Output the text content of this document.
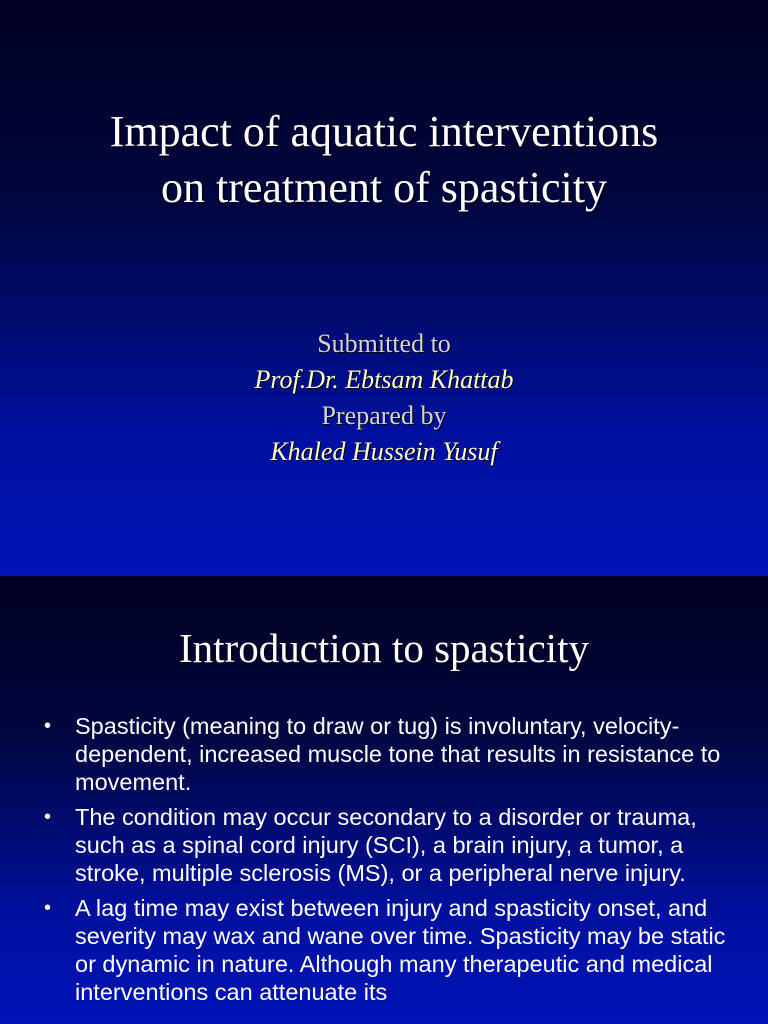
Impact of aquatic interventions
on treatment of spasticity
Submitted to
Prof.Dr. Ebtsam Khattab
Prepared by
Khaled Hussein Yusuf
Introduction to spasticity
• Spasticity (meaning to draw or tug) is involuntary, velocity-dependent, increased muscle tone that results in resistance to movement.
• The condition may occur secondary to a disorder or trauma, such as a spinal cord injury (SCI), a brain injury, a tumor, a stroke, multiple sclerosis (MS), or a peripheral nerve injury.
• A lag time may exist between injury and spasticity onset, and severity may wax and wane over time. Spasticity may be static or dynamic in nature. Although many therapeutic and medical interventions can attenuate its
